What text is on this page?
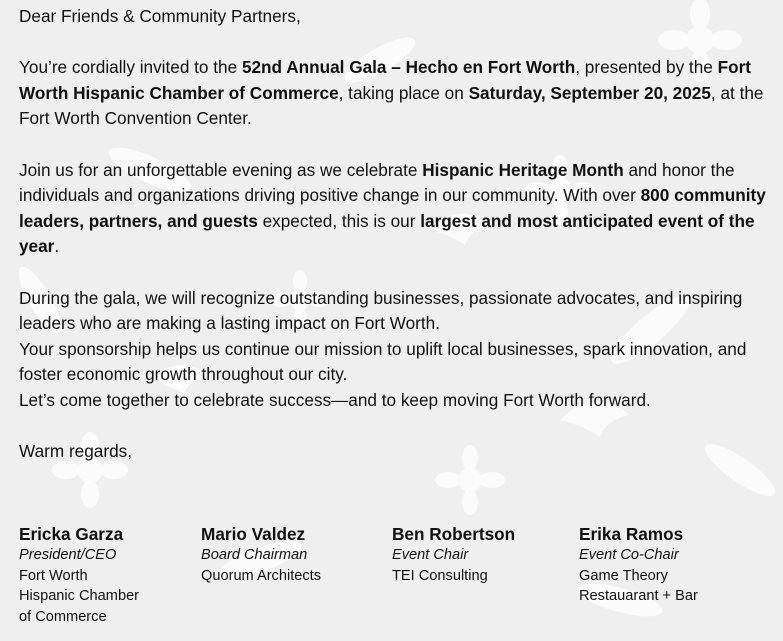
Dear Friends & Community Partners,

You’re cordially invited to the 52nd Annual Gala – Hecho en Fort Worth, presented by the Fort Worth Hispanic Chamber of Commerce, taking place on Saturday, September 20, 2025, at the Fort Worth Convention Center.

Join us for an unforgettable evening as we celebrate Hispanic Heritage Month and honor the individuals and organizations driving positive change in our community. With over 800 community leaders, partners, and guests expected, this is our largest and most anticipated event of the year.

During the gala, we will recognize outstanding businesses, passionate advocates, and inspiring leaders who are making a lasting impact on Fort Worth.

Your sponsorship helps us continue our mission to uplift local businesses, spark innovation, and foster economic growth throughout our city.

Let’s come together to celebrate success—and to keep moving Fort Worth forward.

Warm regards,

Ericka Garza
President/CEO
Fort Worth
Hispanic Chamber
of Commerce
Mario Valdez
Board Chairman
Quorum Architects
Ben Robertson
Event Chair
TEI Consulting
Erika Ramos
Event Co-Chair
Game Theory
Restauarant + Bar
